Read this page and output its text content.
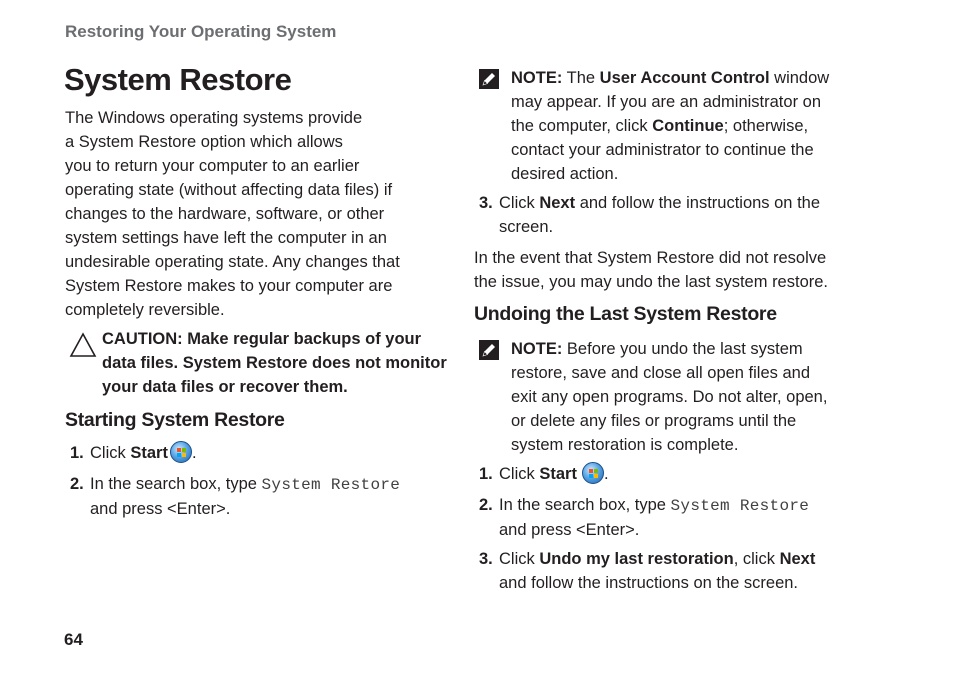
Restoring Your Operating System
System Restore

The Windows operating systems provide

a System Restore option which allows

you to return your computer to an earlier

operating state (without affecting data files) if

changes to the hardware, software, or other

system settings have left the computer in an

undesirable operating state. Any changes that

System Restore makes to your computer are

completely reversible.

CAUTION: Make regular backups of your

data files. System Restore does not monitor

your data files or recover them.

Starting System Restore
1. Click Start .
2. In the search box, type System Restore
and press <Enter>.

NOTE: The User Account Control window

may appear. If you are an administrator on

the computer, click Continue; otherwise,

contact your administrator to continue the

desired action.

3. Click Next and follow the instructions on the
screen.

In the event that System Restore did not resolve

the issue, you may undo the last system restore.

Undoing the Last System Restore

NOTE: Before you undo the last system

restore, save and close all open files and

exit any open programs. Do not alter, open,

or delete any files or programs until the

system restoration is complete.

1. Click Start .
2. In the search box, type System Restore
and press <Enter>.
3. Click Undo my last restoration, click Next
and follow the instructions on the screen.
64
